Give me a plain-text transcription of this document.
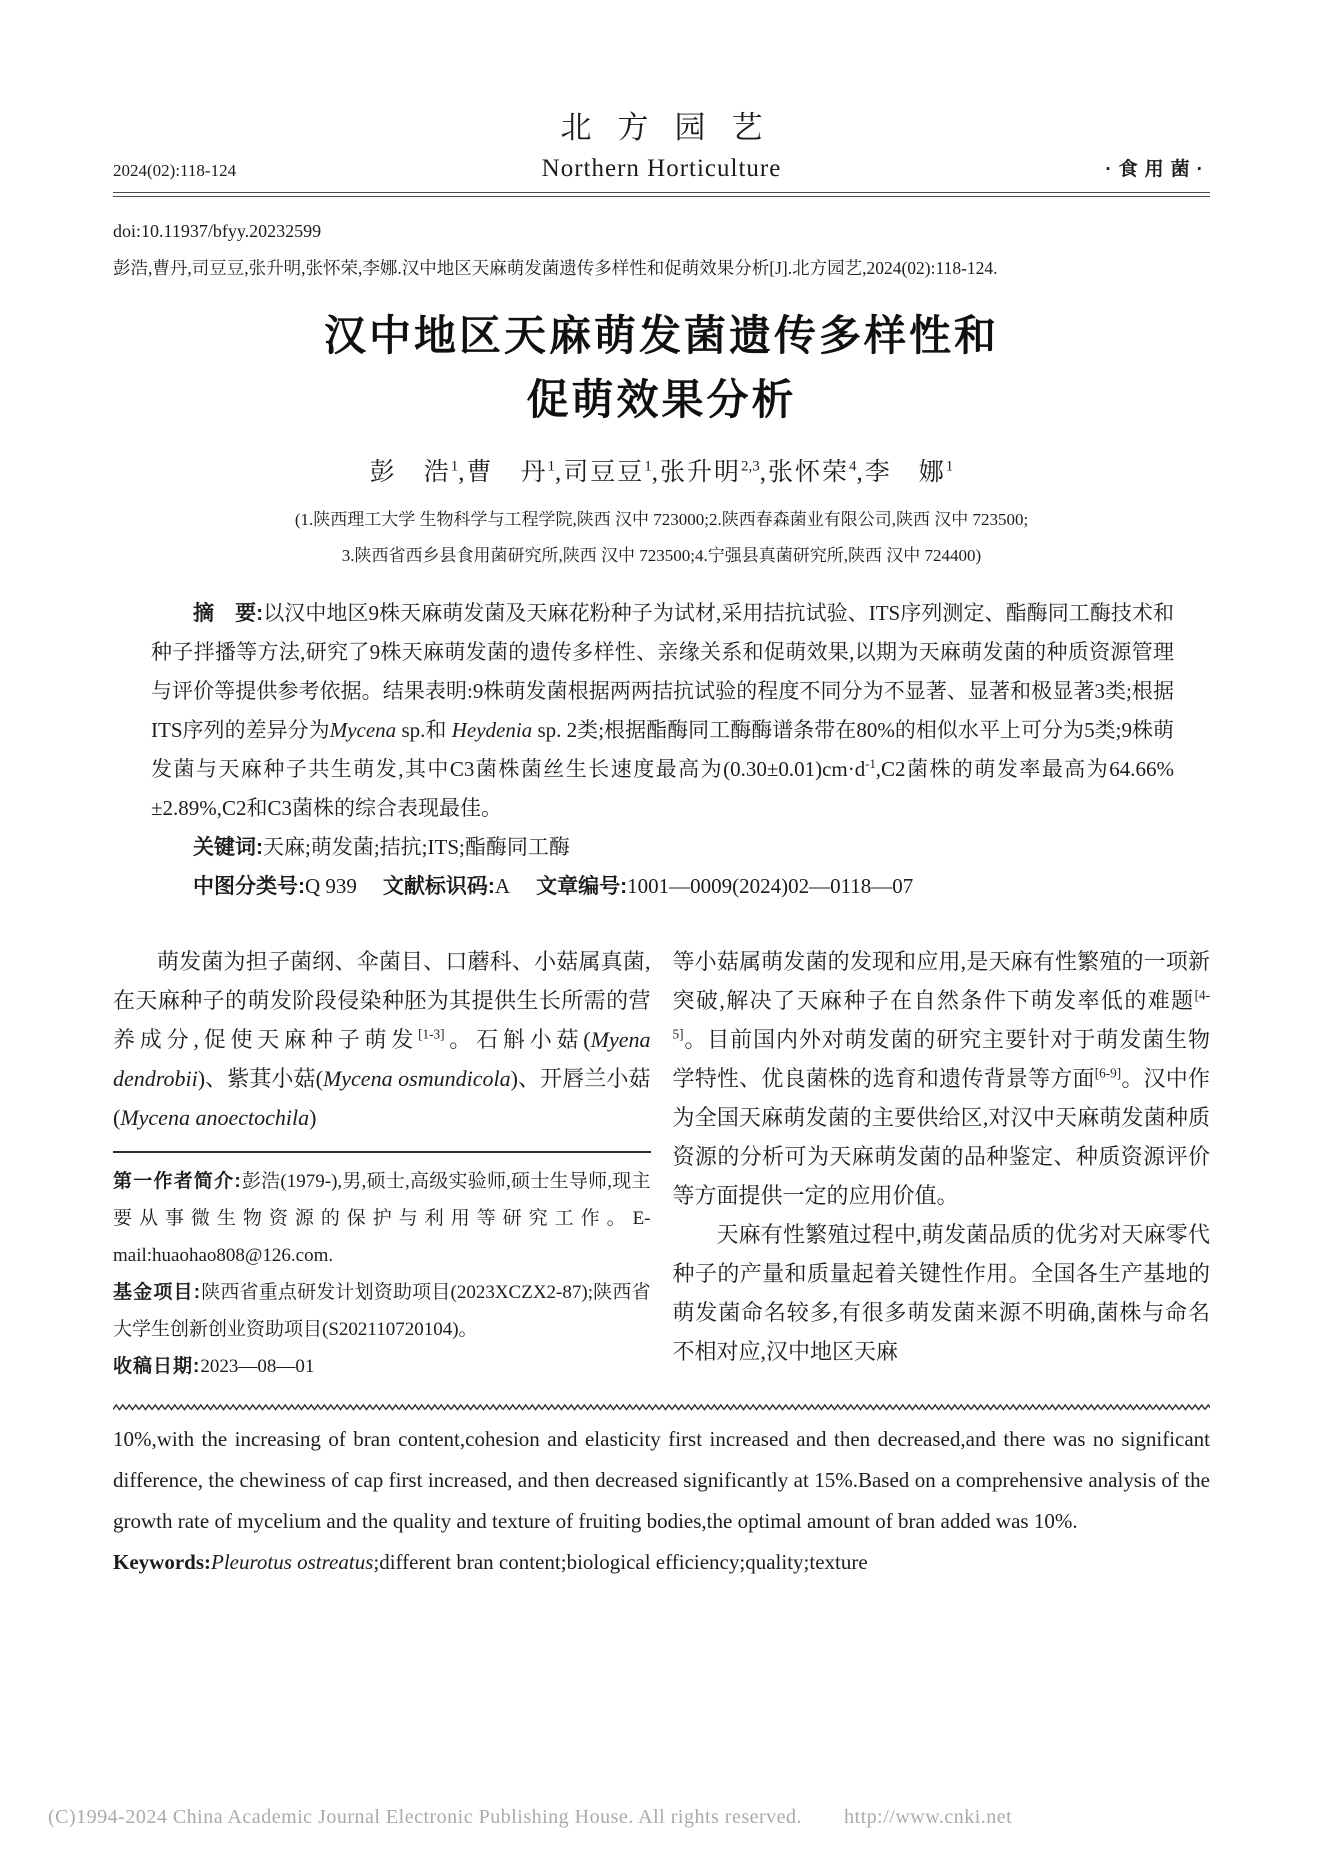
2024(02):118-124
北方园艺
Northern Horticulture	·食用菌·
doi:10.11937/bfyy.20232599
彭浩,曹丹,司豆豆,张升明,张怀荣,李娜.汉中地区天麻萌发菌遗传多样性和促萌效果分析[J].北方园艺,2024(02):118-124.
汉中地区天麻萌发菌遗传多样性和
促萌效果分析
彭　浩$^1$,曹　丹$^1$,司豆豆$^1$,张升明$^{2,3}$,张怀荣$^4$,李　娜$^1$
(1.陕西理工大学 生物科学与工程学院,陕西 汉中 723000;2.陕西春森菌业有限公司,陕西 汉中 723500;
3.陕西省西乡县食用菌研究所,陕西 汉中 723500;4.宁强县真菌研究所,陕西 汉中 724400)

摘　要:以汉中地区9株天麻萌发菌及天麻花粉种子为试材,采用拮抗试验、ITS序列测定、酯酶同工酶技术和种子拌播等方法,研究了9株天麻萌发菌的遗传多样性、亲缘关系和促萌效果,以期为天麻萌发菌的种质资源管理与评价等提供参考依据。结果表明:9株萌发菌根据两两拮抗试验的程度不同分为不显著、显著和极显著3类;根据ITS序列的差异分为Mycena sp.和 Heydenia sp. 2类;根据酯酶同工酶酶谱条带在80%的相似水平上可分为5类;9株萌发菌与天麻种子共生萌发,其中C3菌株菌丝生长速度最高为$(0.30\pm 0.01)cm\cdot d^{-1},C2$菌株的萌发率最高为64.66%±2.89%,C2和C3菌株的综合表现最佳。

关键词:天麻;萌发菌;拮抗;ITS;酯酶同工酶

中图分类号:Q 939 文献标识码:A 文章编号:1001—0009(2024)02—0118—07

萌发菌为担子菌纲、伞菌目、口蘑科、小菇属真菌,在天麻种子的萌发阶段侵染种胚为其提供生长所需的营养成分,促使天麻种子萌发[1-3]。石斛小菇(Myena dendrobii)、紫萁小菇(Mycena osmundicola)、开唇兰小菇(Mycena anoectochila)

第一作者简介:彭浩(1979-),男,硕士,高级实验师,硕士生导师,现主要从事微生物资源的保护与利用等研究工作。E-mail:huaohao808@126.com.

基金项目:陕西省重点研发计划资助项目(2023XCZX2-87);陕西省大学生创新创业资助项目(S202110720104)。

收稿日期:2023—08—01

等小菇属萌发菌的发现和应用,是天麻有性繁殖的一项新突破,解决了天麻种子在自然条件下萌发率低的难题[4-5]。目前国内外对萌发菌的研究主要针对于萌发菌生物学特性、优良菌株的选育和遗传背景等方面[6-9]。汉中作为全国天麻萌发菌的主要供给区,对汉中天麻萌发菌种质资源的分析可为天麻萌发菌的品种鉴定、种质资源评价等方面提供一定的应用价值。

天麻有性繁殖过程中,萌发菌品质的优劣对天麻零代种子的产量和质量起着关键性作用。全国各生产基地的萌发菌命名较多,有很多萌发菌来源不明确,菌株与命名不相对应,汉中地区天麻

10%,with the increasing of bran content,cohesion and elasticity first increased and then decreased,and there was no significant difference, the chewiness of cap first increased, and then decreased significantly at 15%.Based on a comprehensive analysis of the growth rate of mycelium and the quality and texture of fruiting bodies,the optimal amount of bran added was 10%.

Keywords:Pleurotus ostreatus;different bran content;biological efficiency;quality;texture

(C)1994-2024 China Academic Journal Electronic Publishing House. All rights reserved. http://www.cnki.net
